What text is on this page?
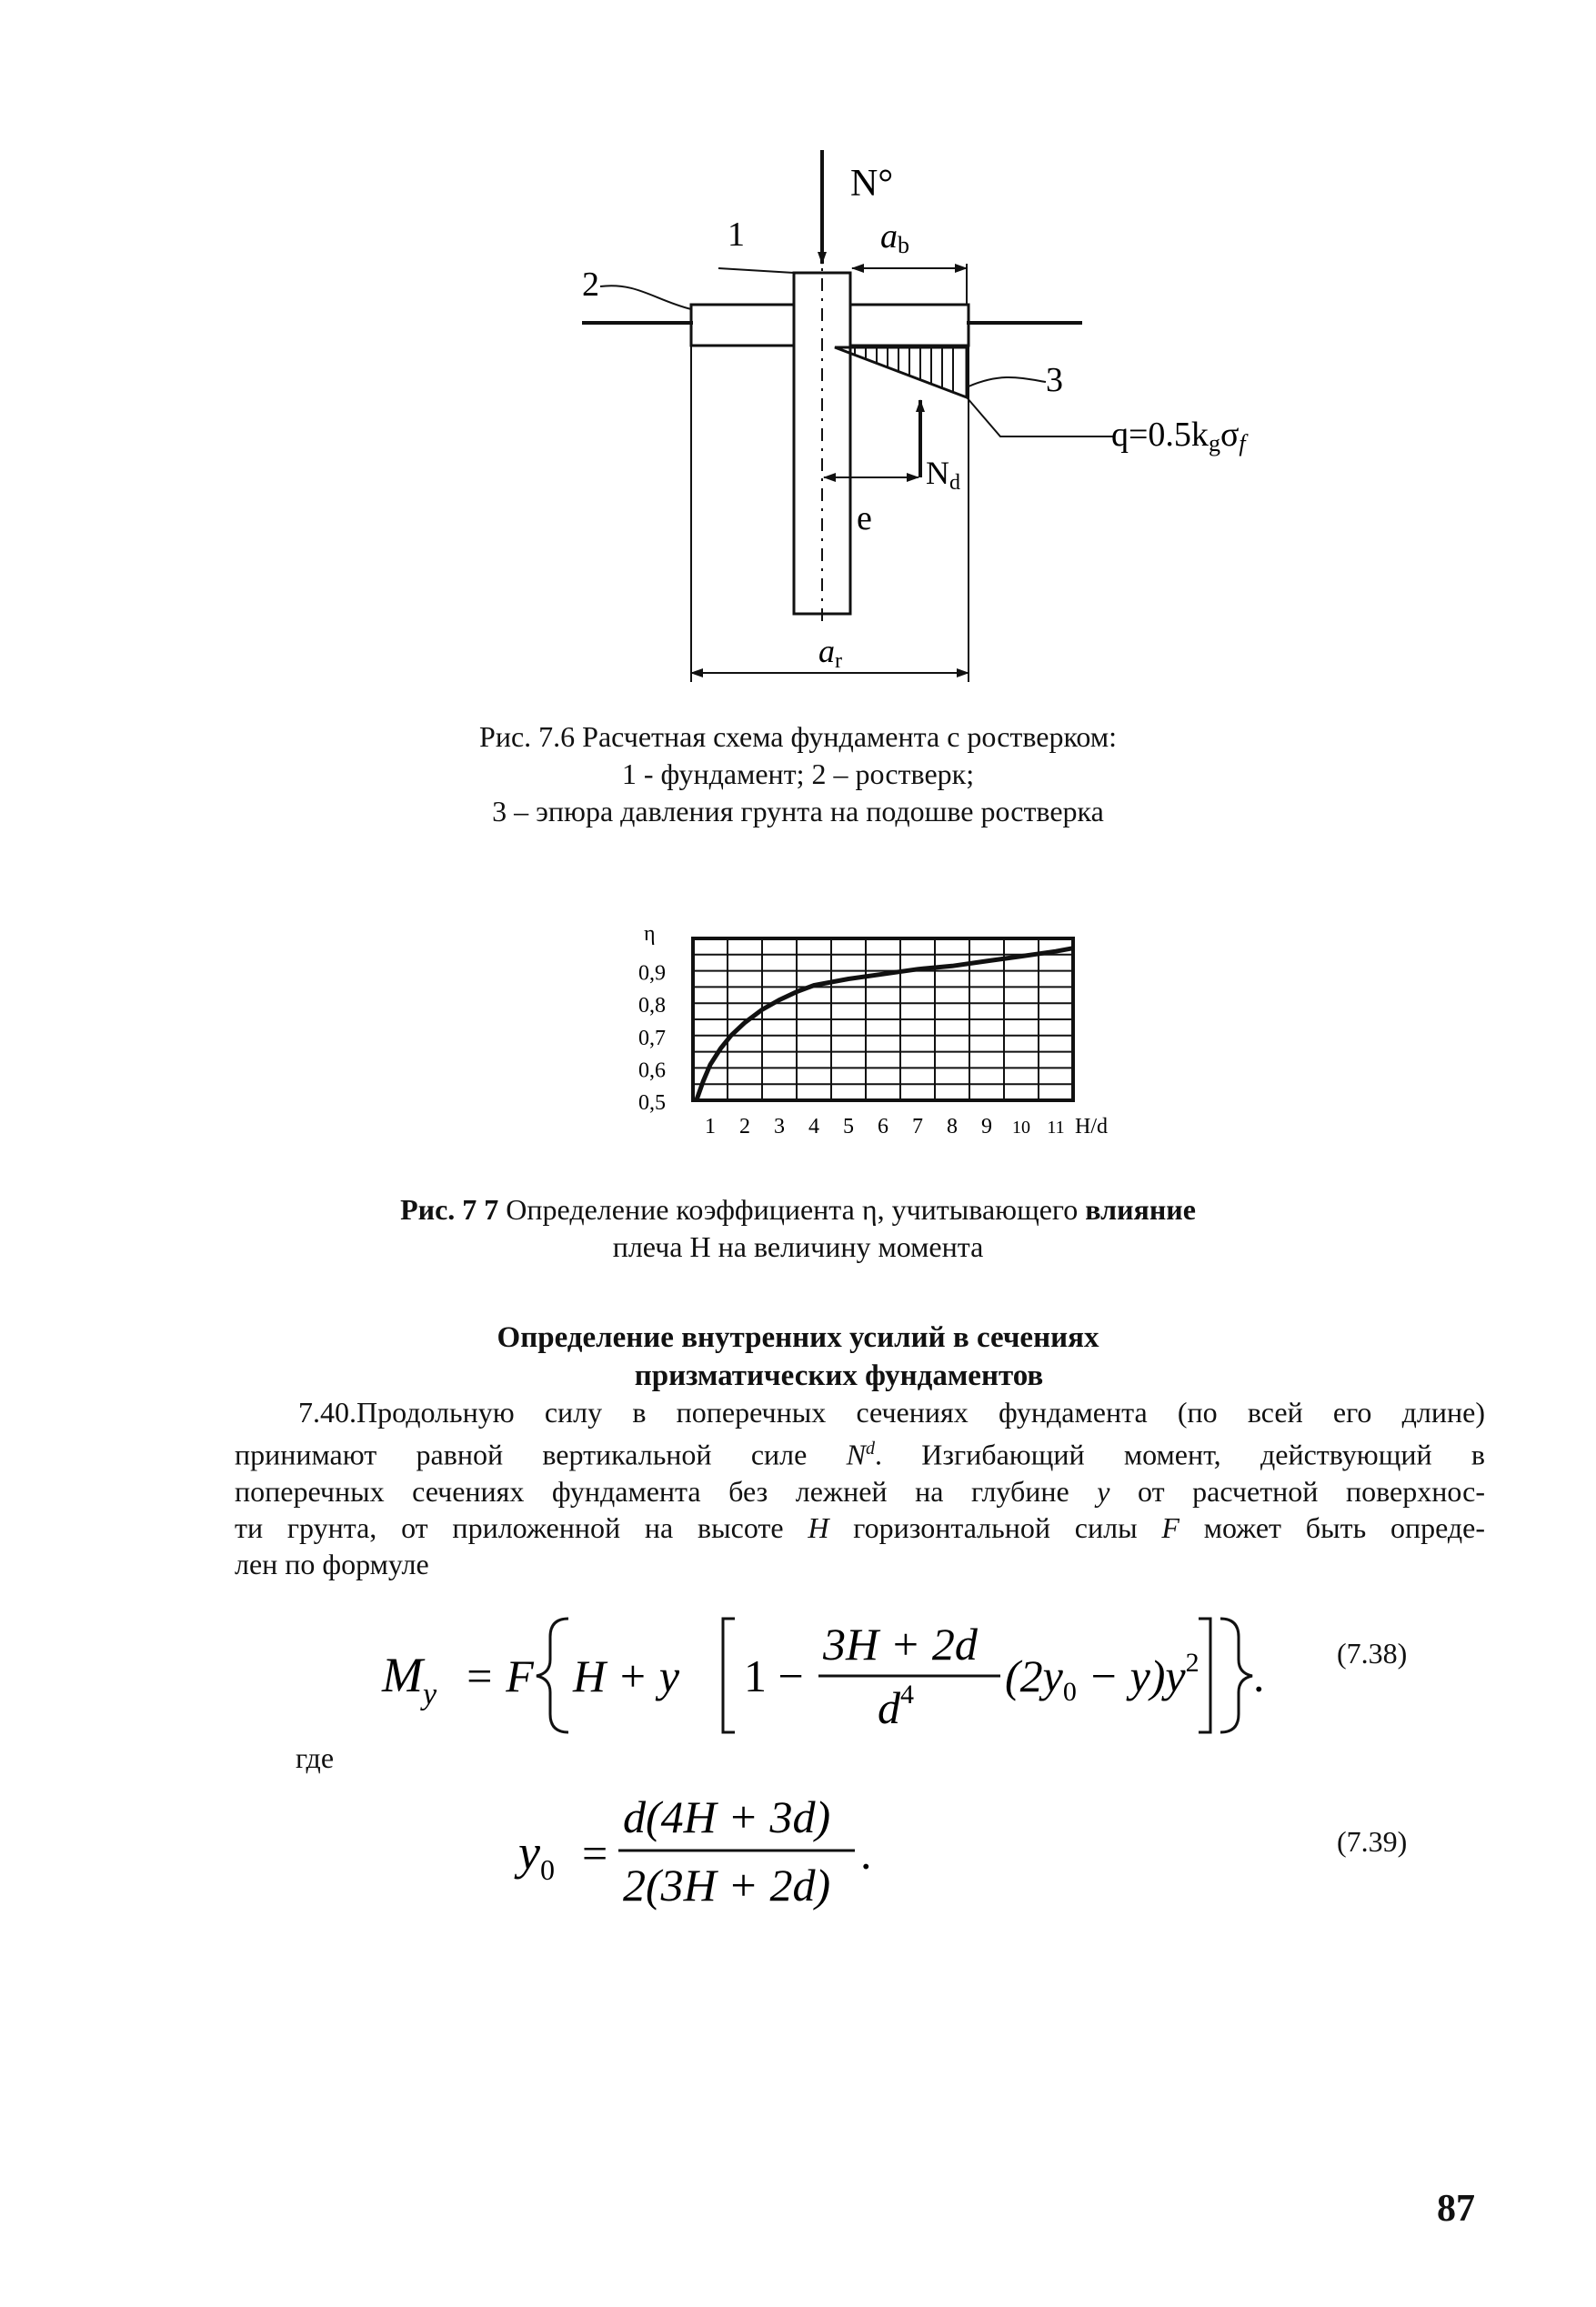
N°
1
2
3
ab
q=0.5kgσf
Nd
e
ar
Рис. 7.6 Расчетная схема фундамента с ростверком:
1 - фундамент; 2 – ростверк;
3 – эпюра давления грунта на подошве ростверка
η
0,9
0,8
0,7
0,6
0,5
1 2 3 4 5 6 7 8 9 10 11 H/d
Рис. 7 7 Определение коэффициента η, учитывающего влияние
плеча Н на величину момента
Определение внутренних усилий в сечениях
призматических фундаментов
7.40.Продольную силу в поперечных сечениях фундамента (по всей его длине)
принимают равной вертикальной силе $N^d$. Изгибающий момент, действующий в
поперечных сечениях фундамента без лежней на глубине у от расчетной поверхнос-
ти грунта, от приложенной на высоте Н горизонтальной силы F может быть опреде-
лен по формуле
$M_y = F$ H + y 1 −
3H + 2d
$d^4$ $(2y_0 - y)y^2$ . (7.38)
где
$y_0$ =
d(4H + 3d)
2(3H + 2d)
.	(7.39)
87
